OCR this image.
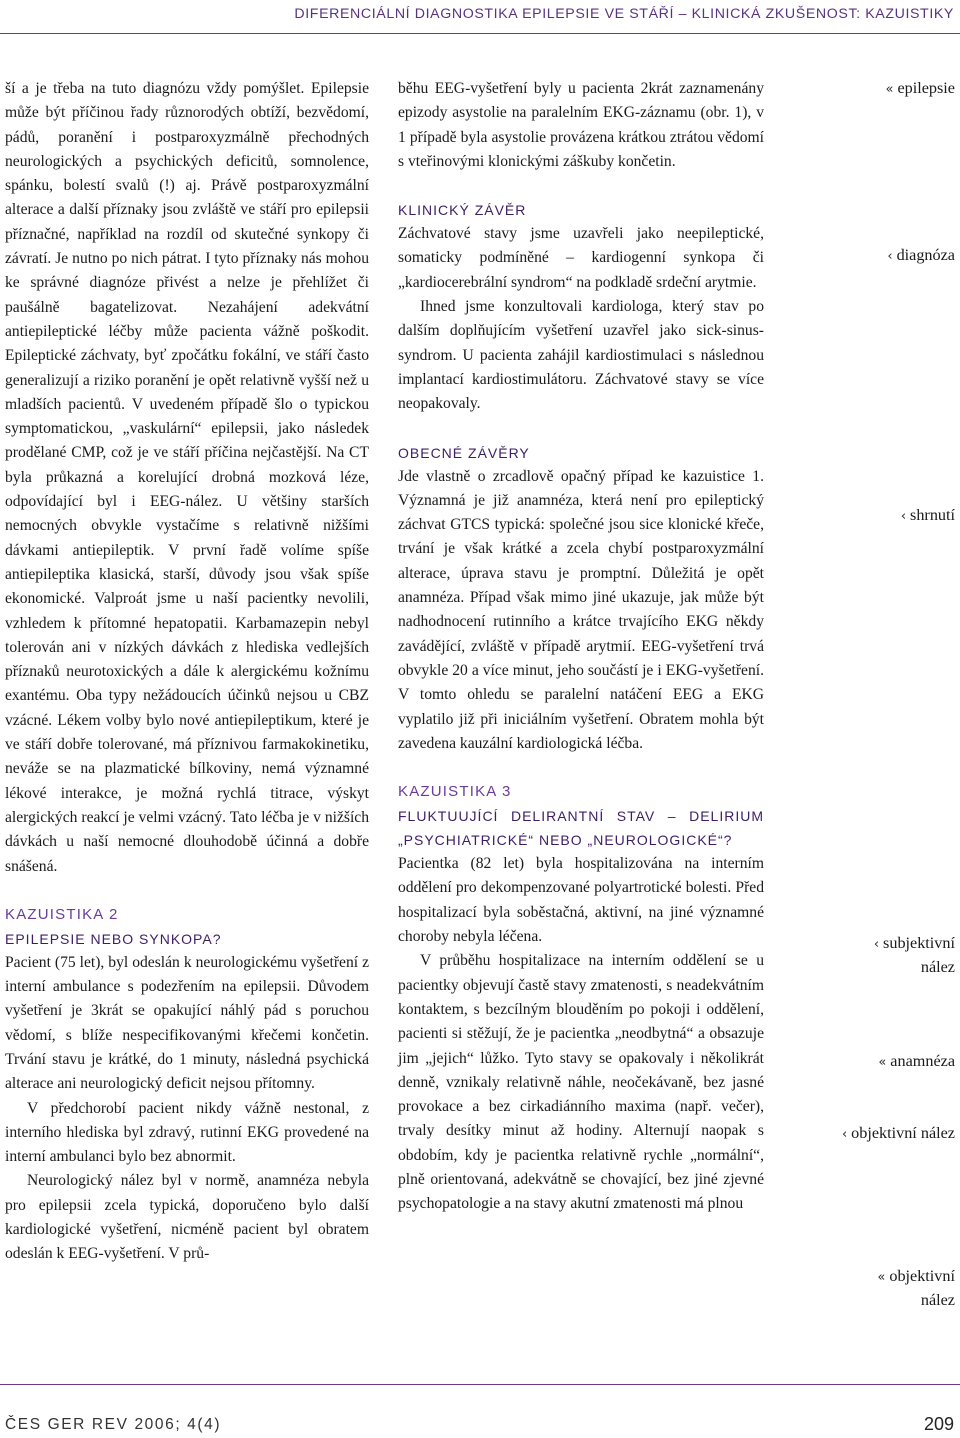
DIFERENCIÁLNÍ DIAGNOSTIKA EPILEPSIE VE STÁŘÍ – KLINICKÁ ZKUŠENOST: KAZUISTIKY

ší a je třeba na tuto diagnózu vždy pomýšlet. Epilepsie může být příčinou řady různorodých obtíží, bezvědomí, pádů, poranění i postparoxyzmálně přechodných neurologických a psychických deficitů, somnolence, spánku, bolestí svalů (!) aj. Právě postparoxyzmální alterace a další příznaky jsou zvláště ve stáří pro epilepsii příznačné, například na rozdíl od skutečné synkopy či závratí. Je nutno po nich pátrat. I tyto příznaky nás mohou ke správné diagnóze přivést a nelze je přehlížet či paušálně bagatelizovat. Nezahájení adekvátní antiepileptické léčby může pacienta vážně poškodit. Epileptické záchvaty, byť zpočátku fokální, ve stáří často generalizují a riziko poranění je opět relativně vyšší než u mladších pacientů. V uvedeném případě šlo o typickou symptomatickou, „vaskulární“ epilepsii, jako následek prodělané CMP, což je ve stáří příčina nejčastější. Na CT byla průkazná a korelující drobná mozková léze, odpovídající byl i EEG-nález. U většiny starších nemocných obvykle vystačíme s relativně nižšími dávkami antiepileptik. V první řadě volíme spíše antiepileptika klasická, starší, důvody jsou však spíše ekonomické. Valproát jsme u naší pacientky nevolili, vzhledem k přítomné hepatopatii. Karbamazepin nebyl tolerován ani v nízkých dávkách z hlediska vedlejších příznaků neurotoxických a dále k alergickému kožnímu exantému. Oba typy nežádoucích účinků nejsou u CBZ vzácné. Lékem volby bylo nové antiepileptikum, které je ve stáří dobře tolerované, má příznivou farmakokinetiku, neváže se na plazmatické bílkoviny, nemá významné lékové interakce, je možná rychlá titrace, výskyt alergických reakcí je velmi vzácný. Tato léčba je v nižších dávkách u naší nemocné dlouhodobě účinná a dobře snášená.

KAZUISTIKA 2

EPILEPSIE NEBO SYNKOPA?

Pacient (75 let), byl odeslán k neurologickému vyšetření z interní ambulance s podezřením na epilepsii. Důvodem vyšetření je 3krát se opakující náhlý pád s poruchou vědomí, s blíže nespecifikovanými křečemi končetin. Trvání stavu je krátké, do 1 minuty, následná psychická alterace ani neurologický deficit nejsou přítomny.

V předchorobí pacient nikdy vážně nestonal, z interního hlediska byl zdravý, rutinní EKG provedené na interní ambulanci bylo bez abnormit.

Neurologický nález byl v normě, anamnéza nebyla pro epilepsii zcela typická, doporučeno bylo další kardiologické vyšetření, nicméně pacient byl obratem odeslán k EEG-vyšetření. V prů-

běhu EEG-vyšetření byly u pacienta 2krát zaznamenány epizody asystolie na paralelním EKG-záznamu (obr. 1), v 1 případě byla asystolie provázena krátkou ztrátou vědomí s vteřinovými klonickými záškuby končetin.

KLINICKÝ ZÁVĚR

Záchvatové stavy jsme uzavřeli jako neepileptické, somaticky podmíněné – kardiogenní synkopa či „kardiocerebrální syndrom“ na podkladě srdeční arytmie.

Ihned jsme konzultovali kardiologa, který stav po dalším doplňujícím vyšetření uzavřel jako sick-sinus-syndrom. U pacienta zahájil kardiostimulaci s následnou implantací kardiostimulátoru. Záchvatové stavy se více neopakovaly.

OBECNÉ ZÁVĚRY

Jde vlastně o zrcadlově opačný případ ke kazuistice 1. Významná je již anamnéza, která není pro epileptický záchvat GTCS typická: společné jsou sice klonické křeče, trvání je však krátké a zcela chybí postparoxyzmální alterace, úprava stavu je promptní. Důležitá je opět anamnéza. Případ však mimo jiné ukazuje, jak může být nadhodnocení rutinního a krátce trvajícího EKG někdy zavádějící, zvláště v případě arytmií. EEG-vyšetření trvá obvykle 20 a více minut, jeho součástí je i EKG-vyšetření. V tomto ohledu se paralelní natáčení EEG a EKG vyplatilo již při iniciálním vyšetření. Obratem mohla být zavedena kauzální kardiologická léčba.

KAZUISTIKA 3

FLUKTUUJÍCÍ DELIRANTNÍ STAV – DELIRIUM „PSYCHIATRICKÉ“ NEBO „NEUROLOGICKÉ“?

Pacientka (82 let) byla hospitalizována na interním oddělení pro dekompenzované polyartrotické bolesti. Před hospitalizací byla soběstačná, aktivní, na jiné významné choroby nebyla léčena.

V průběhu hospitalizace na interním oddělení se u pacientky objevují častě stavy zmatenosti, s neadekvátním kontaktem, s bezcílným blouděním po pokoji i oddělení, pacienti si stěžují, že je pacientka „neodbytná“ a obsazuje jim „jejich“ lůžko. Tyto stavy se opakovaly i několikrát denně, vznikaly relativně náhle, neočekávaně, bez jasné provokace a bez cirkadiánního maxima (např. večer), trvaly desítky minut až hodiny. Alternují naopak s obdobím, kdy je pacientka relativně rychle „normální“, plně orientovaná, adekvátně se chovající, bez jiné zjevné psychopatologie a na stavy akutní zmatenosti má plnou

« epilepsie
‹ diagnóza
‹ shrnutí
‹ subjektivní
nález
« anamnéza
‹ objektivní nález
« objektivní
nález
ČES GER REV 2006; 4(4)	209
